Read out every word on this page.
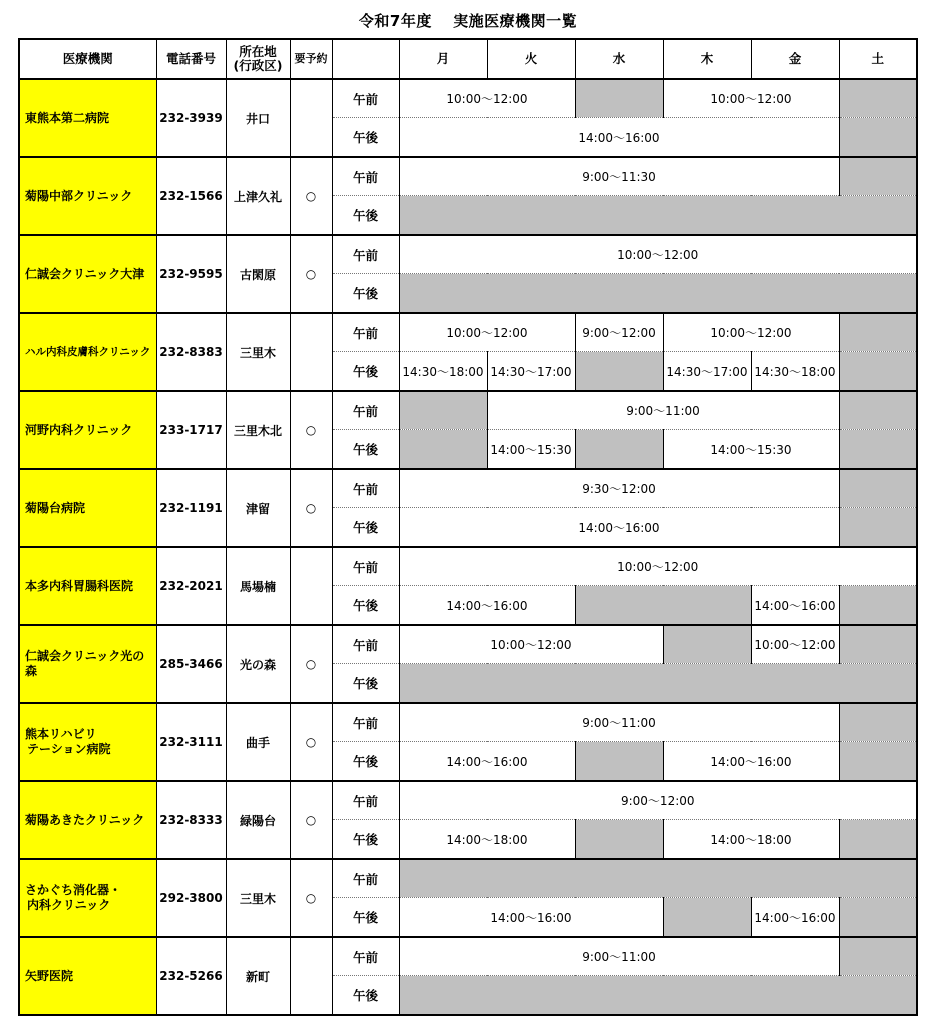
令和7年度　 実施医療機関一覧
医療機関	電話番号	所在地
(行政区)	要予約		月	火	水	木	金	土
東熊本第二病院	232-3939	井口		午前	10:00～12:00			10:00～12:00		
				午後	14:00～16:00					
菊陽中部クリニック	232-1566	上津久礼	○	午前	9:00～11:30					
				午後						
仁誠会クリニック大津	232-9595	古閑原	○	午前	10:00～12:00					
				午後						
ハル内科皮膚科クリニック	232-8383	三里木		午前	10:00～12:00		9:00～12:00	10:00～12:00		
				午後	14:30～18:00	14:30～17:00		14:30～17:00	14:30～18:00	
河野内科クリニック	233-1717	三里木北	○	午前		9:00～11:00				
				午後		14:00～15:30		14:00～15:30		
菊陽台病院	232-1191	津留	○	午前	9:30～12:00					
				午後	14:00～16:00					
本多内科胃腸科医院	232-2021	馬場楠		午前	10:00～12:00					
				午後	14:00～16:00				14:00～16:00	
仁誠会クリニック光の森	285-3466	光の森	○	午前	10:00～12:00				10:00～12:00	
				午後						
熊本リハビリ
テーション病院	232-3111	曲手	○	午前	9:00～11:00					
				午後	14:00～16:00			14:00～16:00		
菊陽あきたクリニック	232-8333	緑陽台	○	午前	9:00～12:00					
				午後	14:00～18:00			14:00～18:00		
さかぐち消化器・
内科クリニック	292-3800	三里木	○	午前						
				午後	14:00～16:00				14:00～16:00	
矢野医院	232-5266	新町		午前	9:00～11:00					
				午後						
